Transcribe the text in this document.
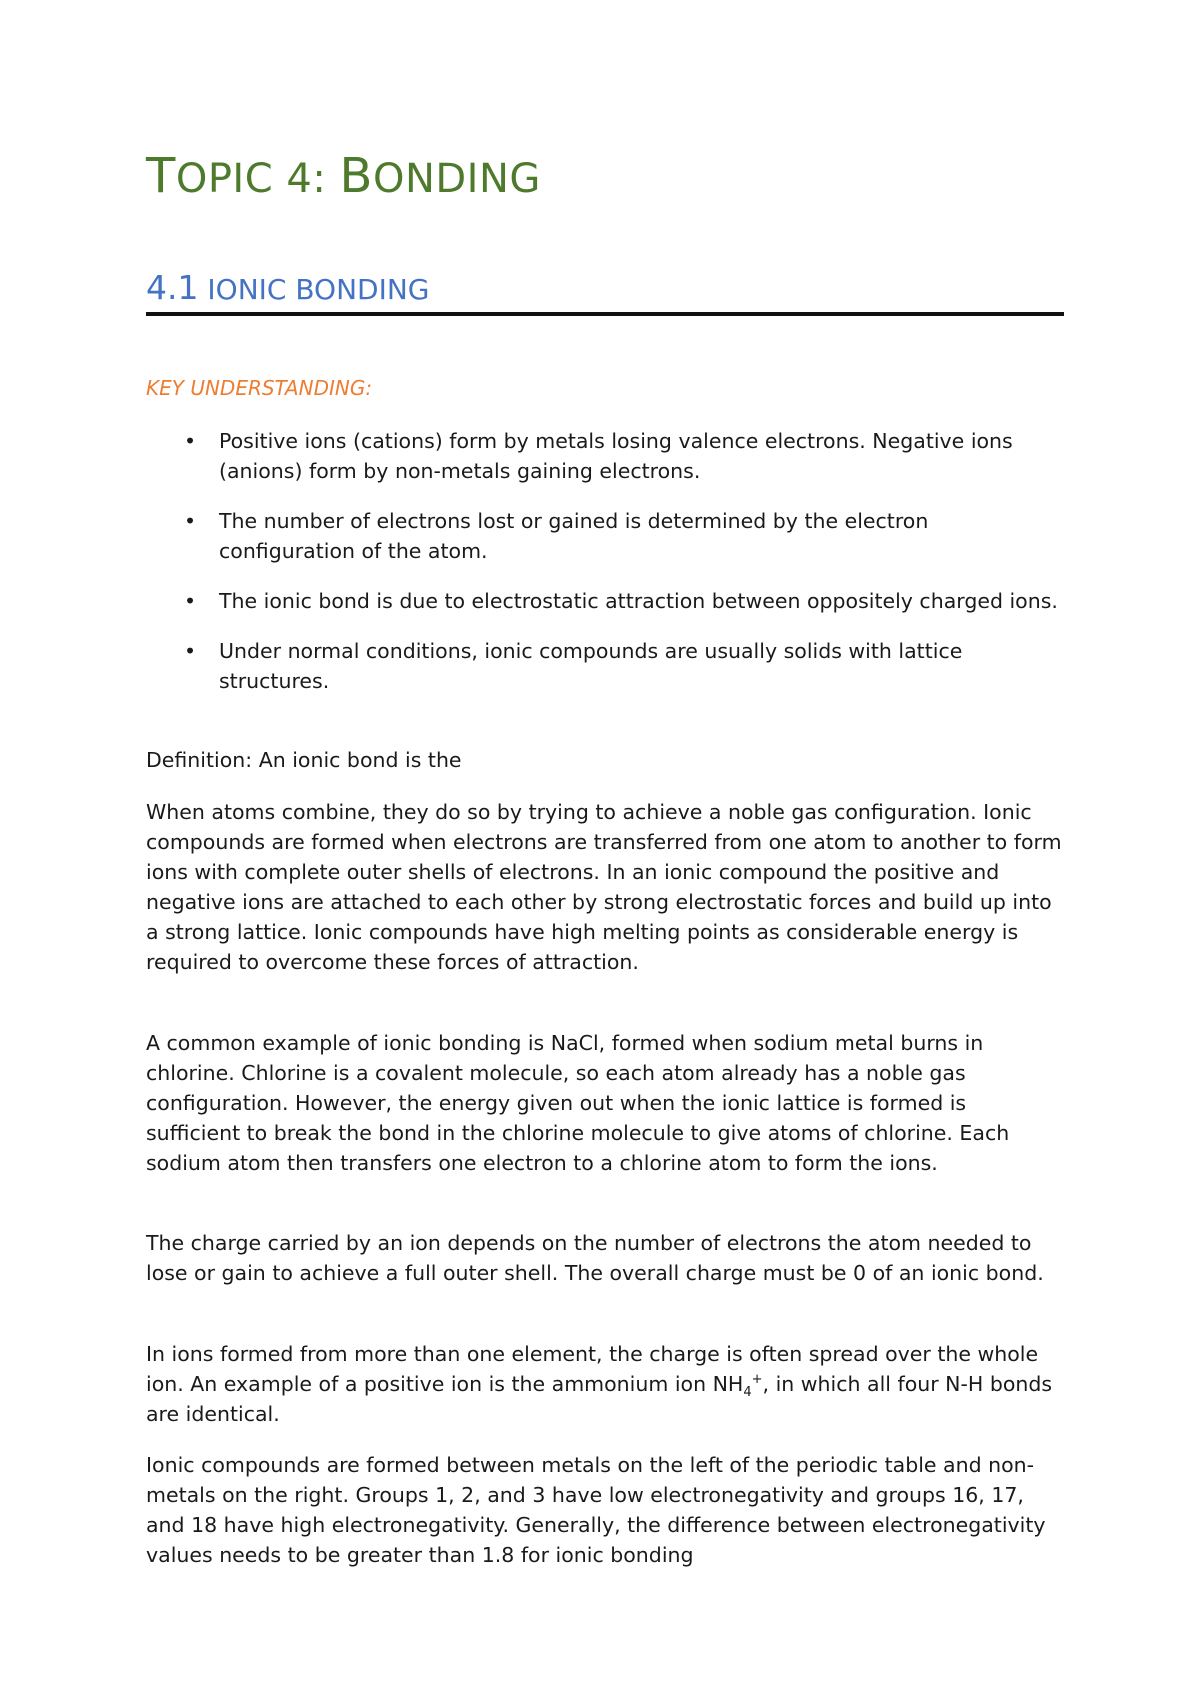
TOPIC 4: BONDING
4.1 IONIC BONDING
KEY UNDERSTANDING:
• Positive ions (cations) form by metals losing valence electrons. Negative ions (anions) form by non-metals gaining electrons.
• The number of electrons lost or gained is determined by the electron configuration of the atom.
• The ionic bond is due to electrostatic attraction between oppositely charged ions.
• Under normal conditions, ionic compounds are usually solids with lattice structures.

Definition: An ionic bond is the

When atoms combine, they do so by trying to achieve a noble gas configuration. Ionic compounds are formed when electrons are transferred from one atom to another to form ions with complete outer shells of electrons. In an ionic compound the positive and negative ions are attached to each other by strong electrostatic forces and build up into a strong lattice. Ionic compounds have high melting points as considerable energy is required to overcome these forces of attraction.

A common example of ionic bonding is NaCl, formed when sodium metal burns in chlorine. Chlorine is a covalent molecule, so each atom already has a noble gas configuration. However, the energy given out when the ionic lattice is formed is sufficient to break the bond in the chlorine molecule to give atoms of chlorine. Each sodium atom then transfers one electron to a chlorine atom to form the ions.

The charge carried by an ion depends on the number of electrons the atom needed to lose or gain to achieve a full outer shell. The overall charge must be 0 of an ionic bond.

In ions formed from more than one element, the charge is often spread over the whole ion. An example of a positive ion is the ammonium ion $NH_4^+$, in which all four N-H bonds are identical.

Ionic compounds are formed between metals on the left of the periodic table and non-metals on the right. Groups 1, 2, and 3 have low electronegativity and groups 16, 17, and 18 have high electronegativity. Generally, the difference between electronegativity values needs to be greater than 1.8 for ionic bonding
